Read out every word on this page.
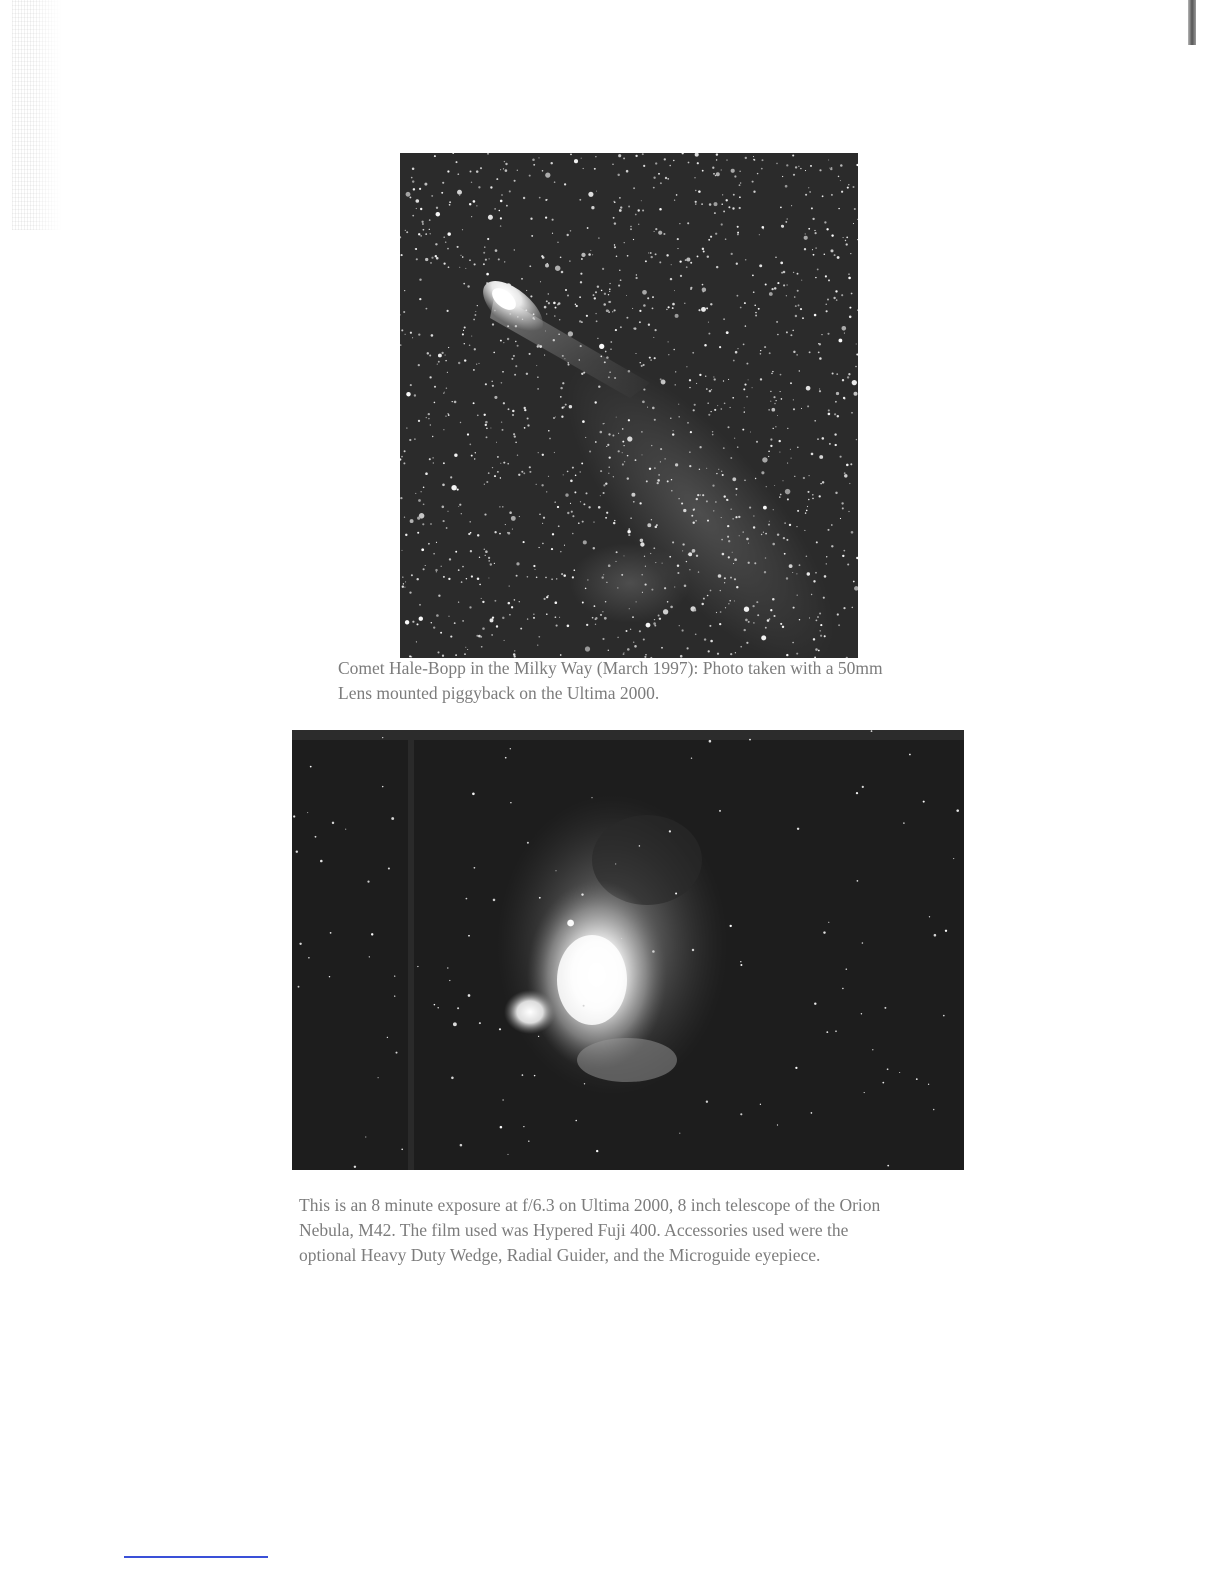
Comet Hale-Bopp in the Milky Way (March 1997): Photo taken with a 50mm
Lens mounted piggyback on the Ultima 2000.

This is an 8 minute exposure at f/6.3 on Ultima 2000, 8 inch telescope of the Orion
Nebula, M42. The film used was Hypered Fuji 400. Accessories used were the
optional Heavy Duty Wedge, Radial Guider, and the Microguide eyepiece.
